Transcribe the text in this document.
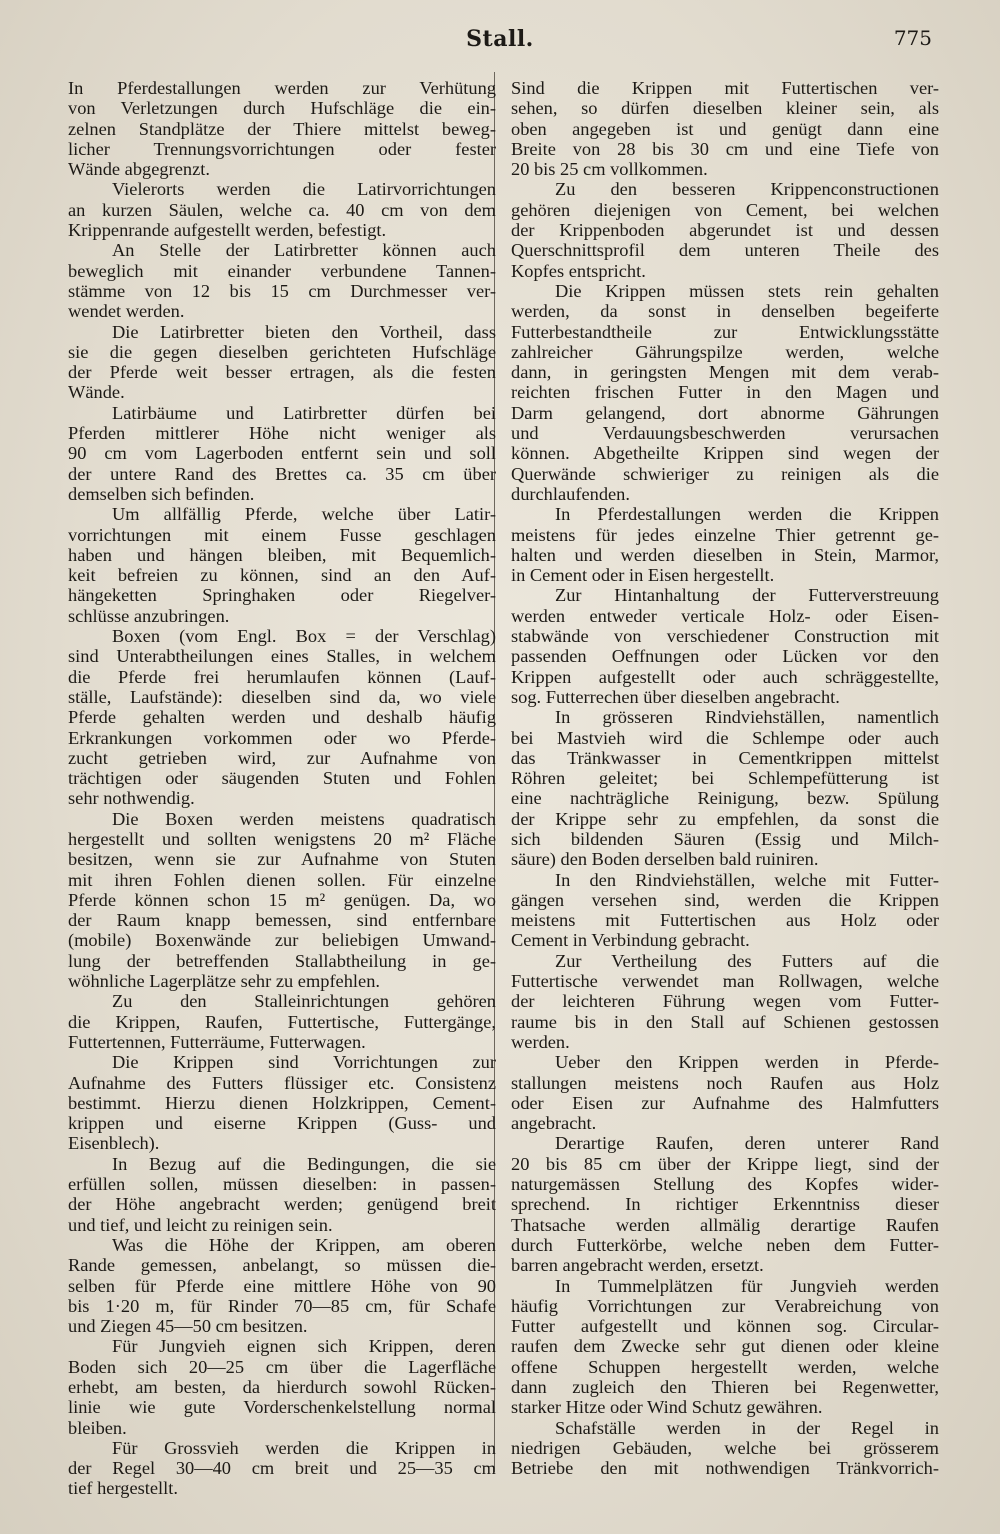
Stall.	775
In Pferdestallungen werden zur Verhütung
von Verletzungen durch Hufschläge die ein-
zelnen Standplätze der Thiere mittelst beweg-
licher Trennungsvorrichtungen oder fester
Wände abgegrenzt.
Vielerorts werden die Latirvorrichtungen
an kurzen Säulen, welche ca. 40 cm von dem
Krippenrande aufgestellt werden, befestigt.
An Stelle der Latirbretter können auch
beweglich mit einander verbundene Tannen-
stämme von 12 bis 15 cm Durchmesser ver-
wendet werden.
Die Latirbretter bieten den Vortheil, dass
sie die gegen dieselben gerichteten Hufschläge
der Pferde weit besser ertragen, als die festen
Wände.
Latirbäume und Latirbretter dürfen bei
Pferden mittlerer Höhe nicht weniger als
90 cm vom Lagerboden entfernt sein und soll
der untere Rand des Brettes ca. 35 cm über
demselben sich befinden.
Um allfällig Pferde, welche über Latir-
vorrichtungen mit einem Fusse geschlagen
haben und hängen bleiben, mit Bequemlich-
keit befreien zu können, sind an den Auf-
hängeketten Springhaken oder Riegelver-
schlüsse anzubringen.
Boxen (vom Engl. Box = der Verschlag)
sind Unterabtheilungen eines Stalles, in welchem
die Pferde frei herumlaufen können (Lauf-
ställe, Laufstände): dieselben sind da, wo viele
Pferde gehalten werden und deshalb häufig
Erkrankungen vorkommen oder wo Pferde-
zucht getrieben wird, zur Aufnahme von
trächtigen oder säugenden Stuten und Fohlen
sehr nothwendig.
Die Boxen werden meistens quadratisch
hergestellt und sollten wenigstens 20 m² Fläche
besitzen, wenn sie zur Aufnahme von Stuten
mit ihren Fohlen dienen sollen. Für einzelne
Pferde können schon 15 m² genügen. Da, wo
der Raum knapp bemessen, sind entfernbare
(mobile) Boxenwände zur beliebigen Umwand-
lung der betreffenden Stallabtheilung in ge-
wöhnliche Lagerplätze sehr zu empfehlen.
Zu den Stalleinrichtungen gehören
die Krippen, Raufen, Futtertische, Futtergänge,
Futtertennen, Futterräume, Futterwagen.
Die Krippen sind Vorrichtungen zur
Aufnahme des Futters flüssiger etc. Consistenz
bestimmt. Hierzu dienen Holzkrippen, Cement-
krippen und eiserne Krippen (Guss- und
Eisenblech).
In Bezug auf die Bedingungen, die sie
erfüllen sollen, müssen dieselben: in passen-
der Höhe angebracht werden; genügend breit
und tief, und leicht zu reinigen sein.
Was die Höhe der Krippen, am oberen
Rande gemessen, anbelangt, so müssen die-
selben für Pferde eine mittlere Höhe von 90
bis 1·20 m, für Rinder 70—85 cm, für Schafe
und Ziegen 45—50 cm besitzen.
Für Jungvieh eignen sich Krippen, deren
Boden sich 20—25 cm über die Lagerfläche
erhebt, am besten, da hierdurch sowohl Rücken-
linie wie gute Vorderschenkelstellung normal
bleiben.
Für Grossvieh werden die Krippen in
der Regel 30—40 cm breit und 25—35 cm
tief hergestellt.
Sind die Krippen mit Futtertischen ver-
sehen, so dürfen dieselben kleiner sein, als
oben angegeben ist und genügt dann eine
Breite von 28 bis 30 cm und eine Tiefe von
20 bis 25 cm vollkommen.
Zu den besseren Krippenconstructionen
gehören diejenigen von Cement, bei welchen
der Krippenboden abgerundet ist und dessen
Querschnittsprofil dem unteren Theile des
Kopfes entspricht.
Die Krippen müssen stets rein gehalten
werden, da sonst in denselben begeiferte
Futterbestandtheile zur Entwicklungsstätte
zahlreicher Gährungspilze werden, welche
dann, in geringsten Mengen mit dem verab-
reichten frischen Futter in den Magen und
Darm gelangend, dort abnorme Gährungen
und Verdauungsbeschwerden verursachen
können. Abgetheilte Krippen sind wegen der
Querwände schwieriger zu reinigen als die
durchlaufenden.
In Pferdestallungen werden die Krippen
meistens für jedes einzelne Thier getrennt ge-
halten und werden dieselben in Stein, Marmor,
in Cement oder in Eisen hergestellt.
Zur Hintanhaltung der Futterverstreuung
werden entweder verticale Holz- oder Eisen-
stabwände von verschiedener Construction mit
passenden Oeffnungen oder Lücken vor den
Krippen aufgestellt oder auch schräggestellte,
sog. Futterrechen über dieselben angebracht.
In grösseren Rindviehställen, namentlich
bei Mastvieh wird die Schlempe oder auch
das Tränkwasser in Cementkrippen mittelst
Röhren geleitet; bei Schlempefütterung ist
eine nachträgliche Reinigung, bezw. Spülung
der Krippe sehr zu empfehlen, da sonst die
sich bildenden Säuren (Essig und Milch-
säure) den Boden derselben bald ruiniren.
In den Rindviehställen, welche mit Futter-
gängen versehen sind, werden die Krippen
meistens mit Futtertischen aus Holz oder
Cement in Verbindung gebracht.
Zur Vertheilung des Futters auf die
Futtertische verwendet man Rollwagen, welche
der leichteren Führung wegen vom Futter-
raume bis in den Stall auf Schienen gestossen
werden.
Ueber den Krippen werden in Pferde-
stallungen meistens noch Raufen aus Holz
oder Eisen zur Aufnahme des Halmfutters
angebracht.
Derartige Raufen, deren unterer Rand
20 bis 85 cm über der Krippe liegt, sind der
naturgemässen Stellung des Kopfes wider-
sprechend. In richtiger Erkenntniss dieser
Thatsache werden allmälig derartige Raufen
durch Futterkörbe, welche neben dem Futter-
barren angebracht werden, ersetzt.
In Tummelplätzen für Jungvieh werden
häufig Vorrichtungen zur Verabreichung von
Futter aufgestellt und können sog. Circular-
raufen dem Zwecke sehr gut dienen oder kleine
offene Schuppen hergestellt werden, welche
dann zugleich den Thieren bei Regenwetter,
starker Hitze oder Wind Schutz gewähren.
Schafställe werden in der Regel in
niedrigen Gebäuden, welche bei grösserem
Betriebe den mit nothwendigen Tränkvorrich-
